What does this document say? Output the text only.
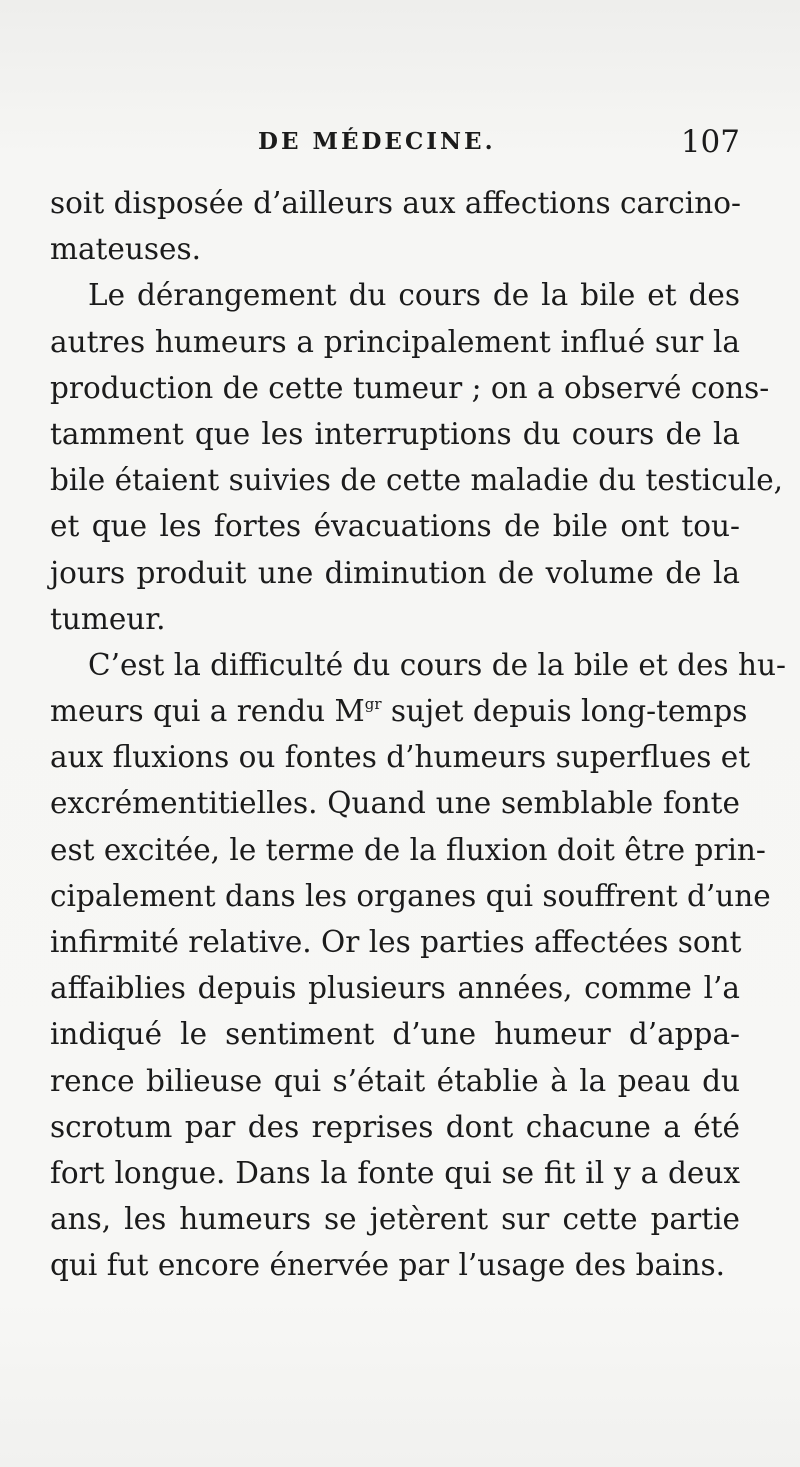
DE MÉDECINE.	107
soit disposée d’ailleurs aux affections carcino-
mateuses.
Le dérangement du cours de la bile et des
autres humeurs a principalement influé sur la
production de cette tumeur ; on a observé cons-
tamment que les interruptions du cours de la
bile étaient suivies de cette maladie du testicule,
et que les fortes évacuations de bile ont tou-
jours produit une diminution de volume de la
tumeur.
C’est la difficulté du cours de la bile et des hu-
meurs qui a rendu $M^{gr}$ sujet depuis long-temps
aux fluxions ou fontes d’humeurs superflues et
excrémentitielles. Quand une semblable fonte
est excitée, le terme de la fluxion doit être prin-
cipalement dans les organes qui souffrent d’une
infirmité relative. Or les parties affectées sont
affaiblies depuis plusieurs années, comme l’a
indiqué le sentiment d’une humeur d’appa-
rence bilieuse qui s’était établie à la peau du
scrotum par des reprises dont chacune a été
fort longue. Dans la fonte qui se fit il y a deux
ans, les humeurs se jetèrent sur cette partie
qui fut encore énervée par l’usage des bains.
